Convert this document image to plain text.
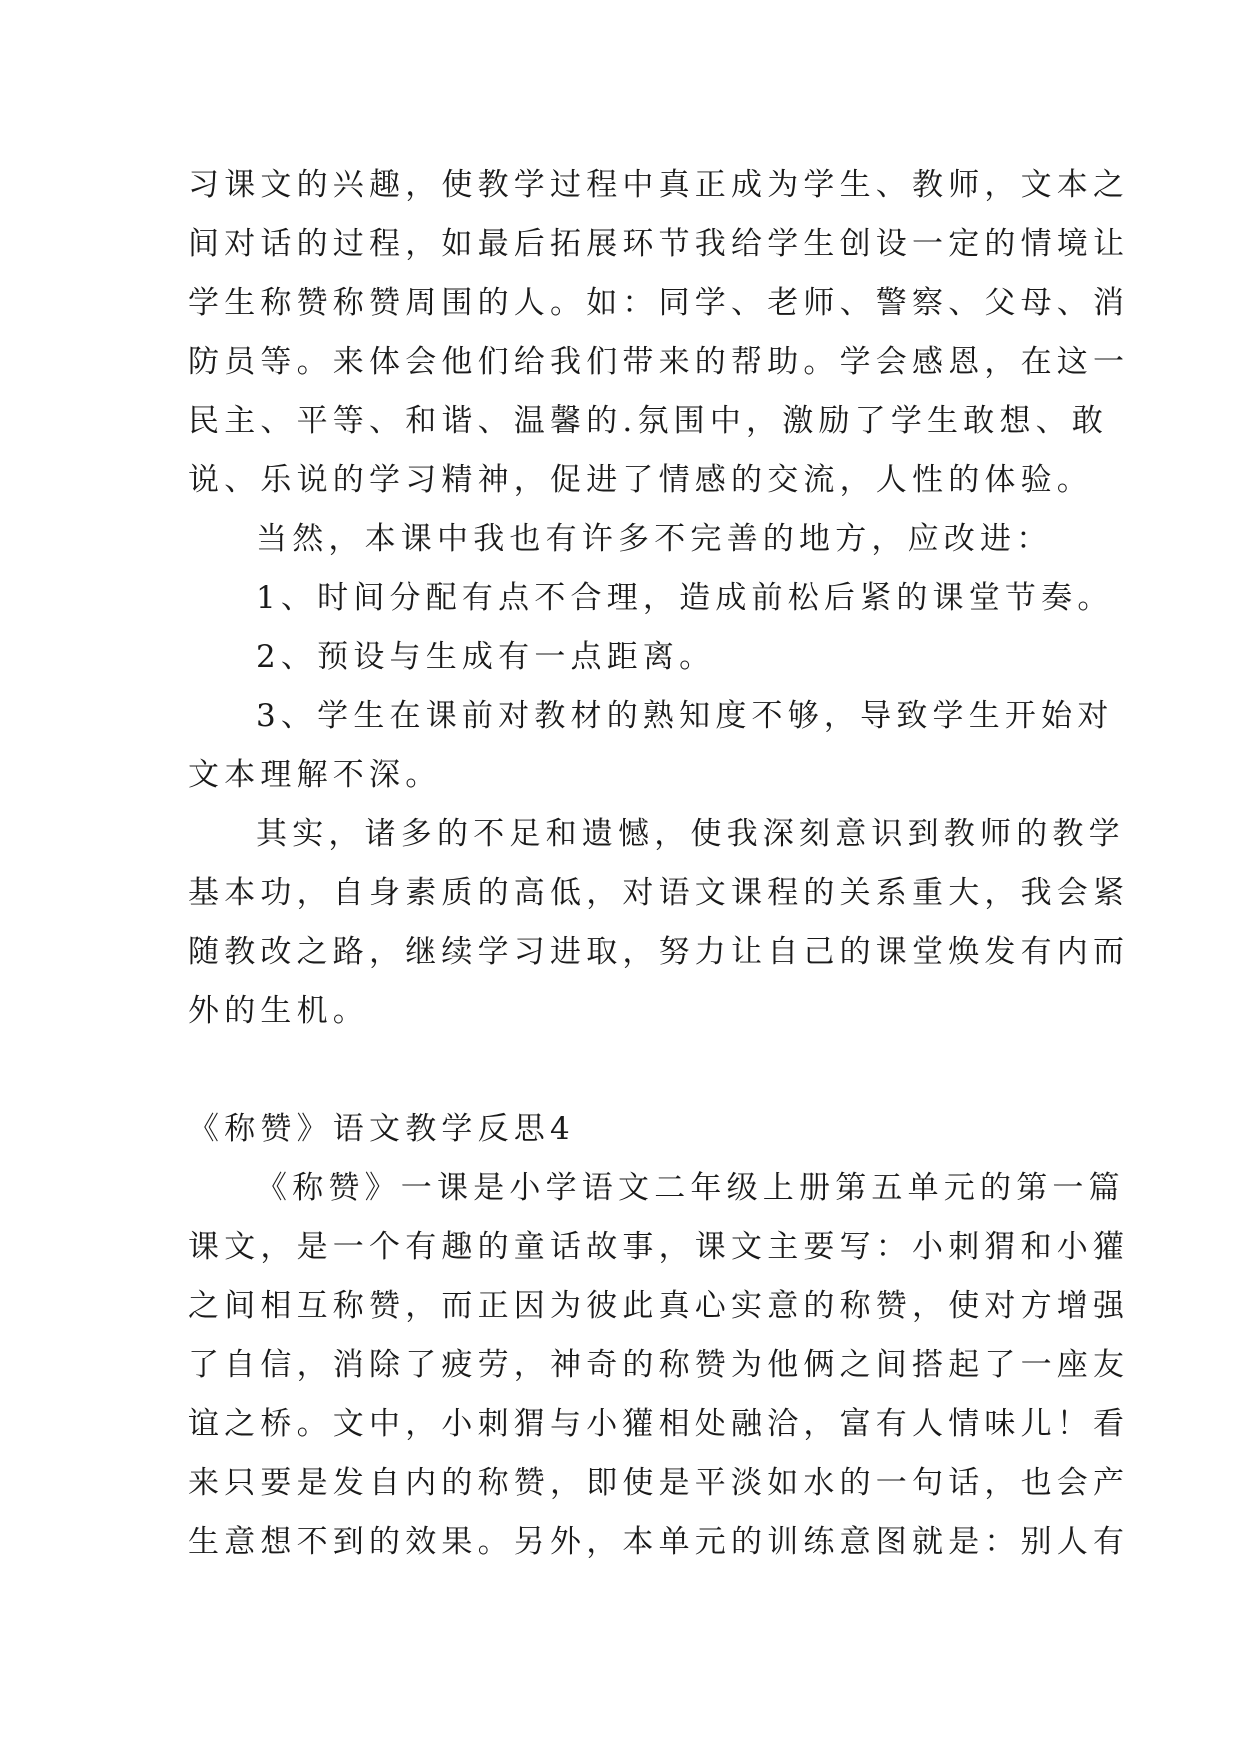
习课文的兴趣，使教学过程中真正成为学生、教师，文本之
间对话的过程，如最后拓展环节我给学生创设一定的情境让
学生称赞称赞周围的人。如：同学、老师、警察、父母、消
防员等。来体会他们给我们带来的帮助。学会感恩，在这一
民主、平等、和谐、温馨的.氛围中，激励了学生敢想、敢
说、乐说的学习精神，促进了情感的交流，人性的体验。
当然，本课中我也有许多不完善的地方，应改进：
1、时间分配有点不合理，造成前松后紧的课堂节奏。
2、预设与生成有一点距离。
3、学生在课前对教材的熟知度不够，导致学生开始对
文本理解不深。
其实，诸多的不足和遗憾，使我深刻意识到教师的教学
基本功，自身素质的高低，对语文课程的关系重大，我会紧
随教改之路，继续学习进取，努力让自己的课堂焕发有内而
外的生机。
《称赞》语文教学反思4
《称赞》一课是小学语文二年级上册第五单元的第一篇
课文，是一个有趣的童话故事，课文主要写：小刺猬和小獾
之间相互称赞，而正因为彼此真心实意的称赞，使对方增强
了自信，消除了疲劳，神奇的称赞为他俩之间搭起了一座友
谊之桥。文中，小刺猬与小獾相处融洽，富有人情味儿！看
来只要是发自内的称赞，即使是平淡如水的一句话，也会产
生意想不到的效果。另外，本单元的训练意图就是：别人有
